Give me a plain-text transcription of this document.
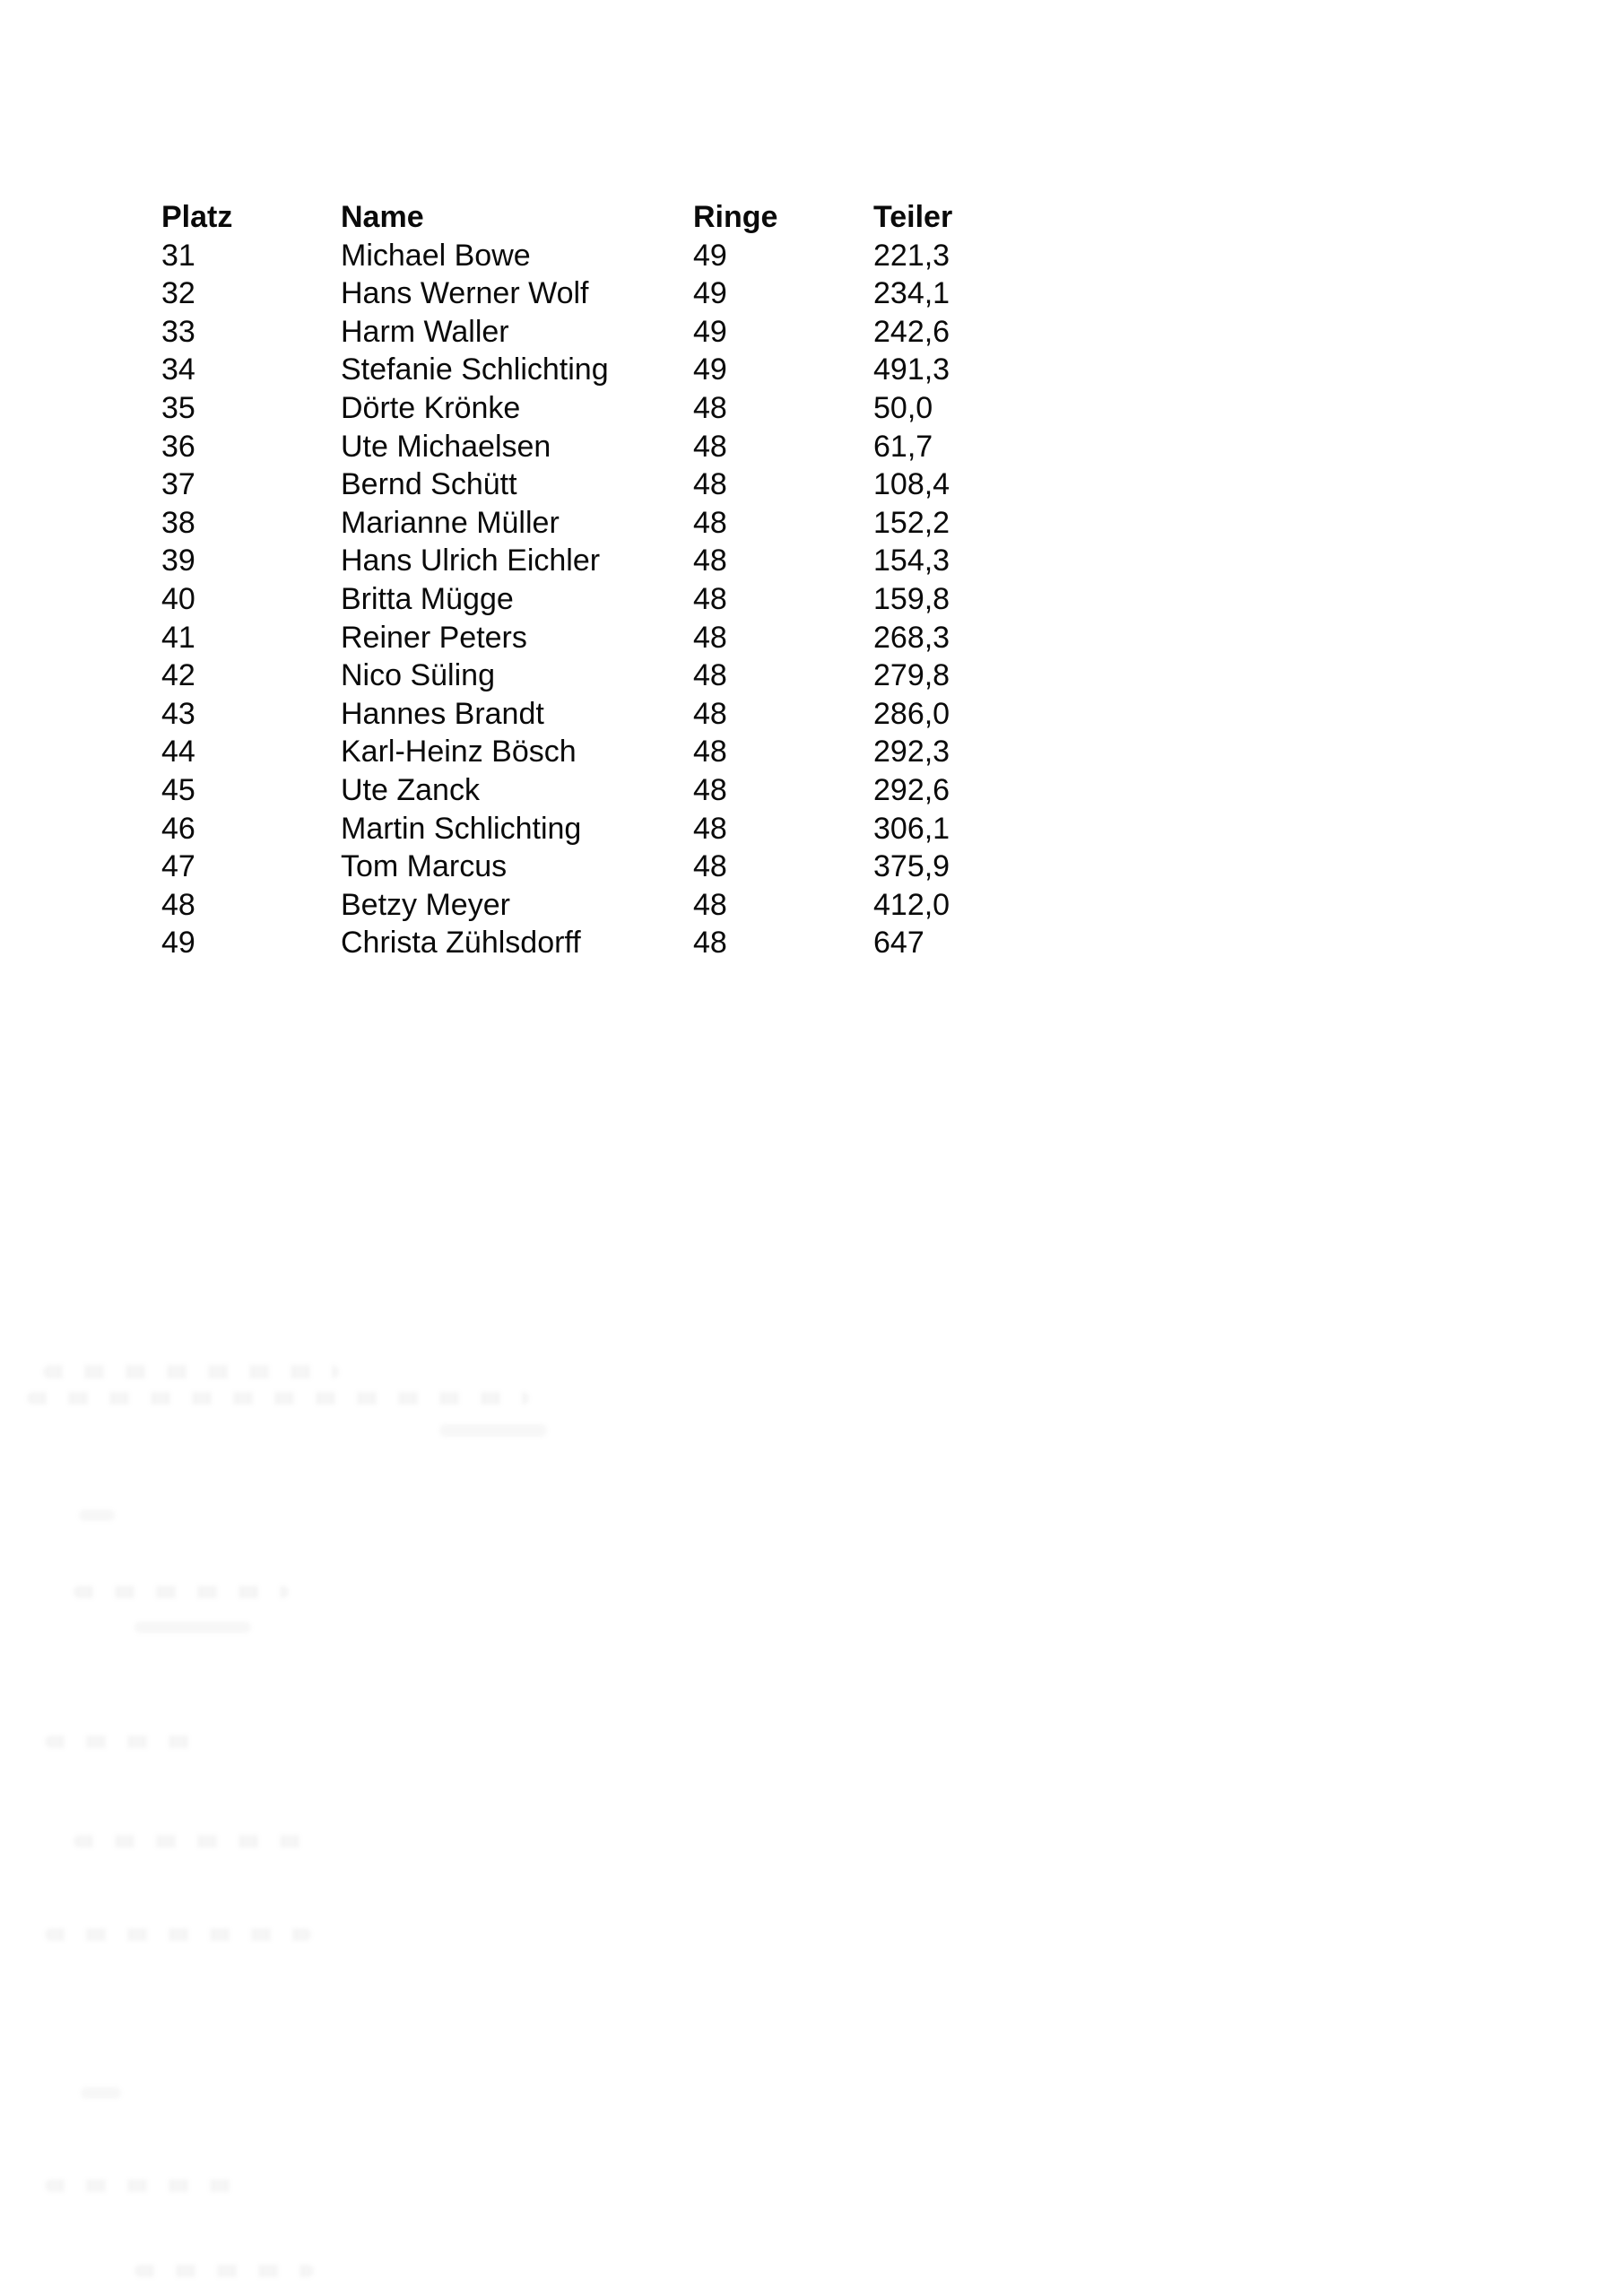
Platz	Name	Ringe	Teiler
31	Michael Bowe	49	221,3
32	Hans Werner Wolf	49	234,1
33	Harm Waller	49	242,6
34	Stefanie Schlichting	49	491,3
35	Dörte Krönke	48	50,0
36	Ute Michaelsen	48	61,7
37	Bernd Schütt	48	108,4
38	Marianne Müller	48	152,2
39	Hans Ulrich Eichler	48	154,3
40	Britta Mügge	48	159,8
41	Reiner Peters	48	268,3
42	Nico Süling	48	279,8
43	Hannes Brandt	48	286,0
44	Karl-Heinz Bösch	48	292,3
45	Ute Zanck	48	292,6
46	Martin Schlichting	48	306,1
47	Tom Marcus	48	375,9
48	Betzy Meyer	48	412,0
49	Christa Zühlsdorff	48	647
